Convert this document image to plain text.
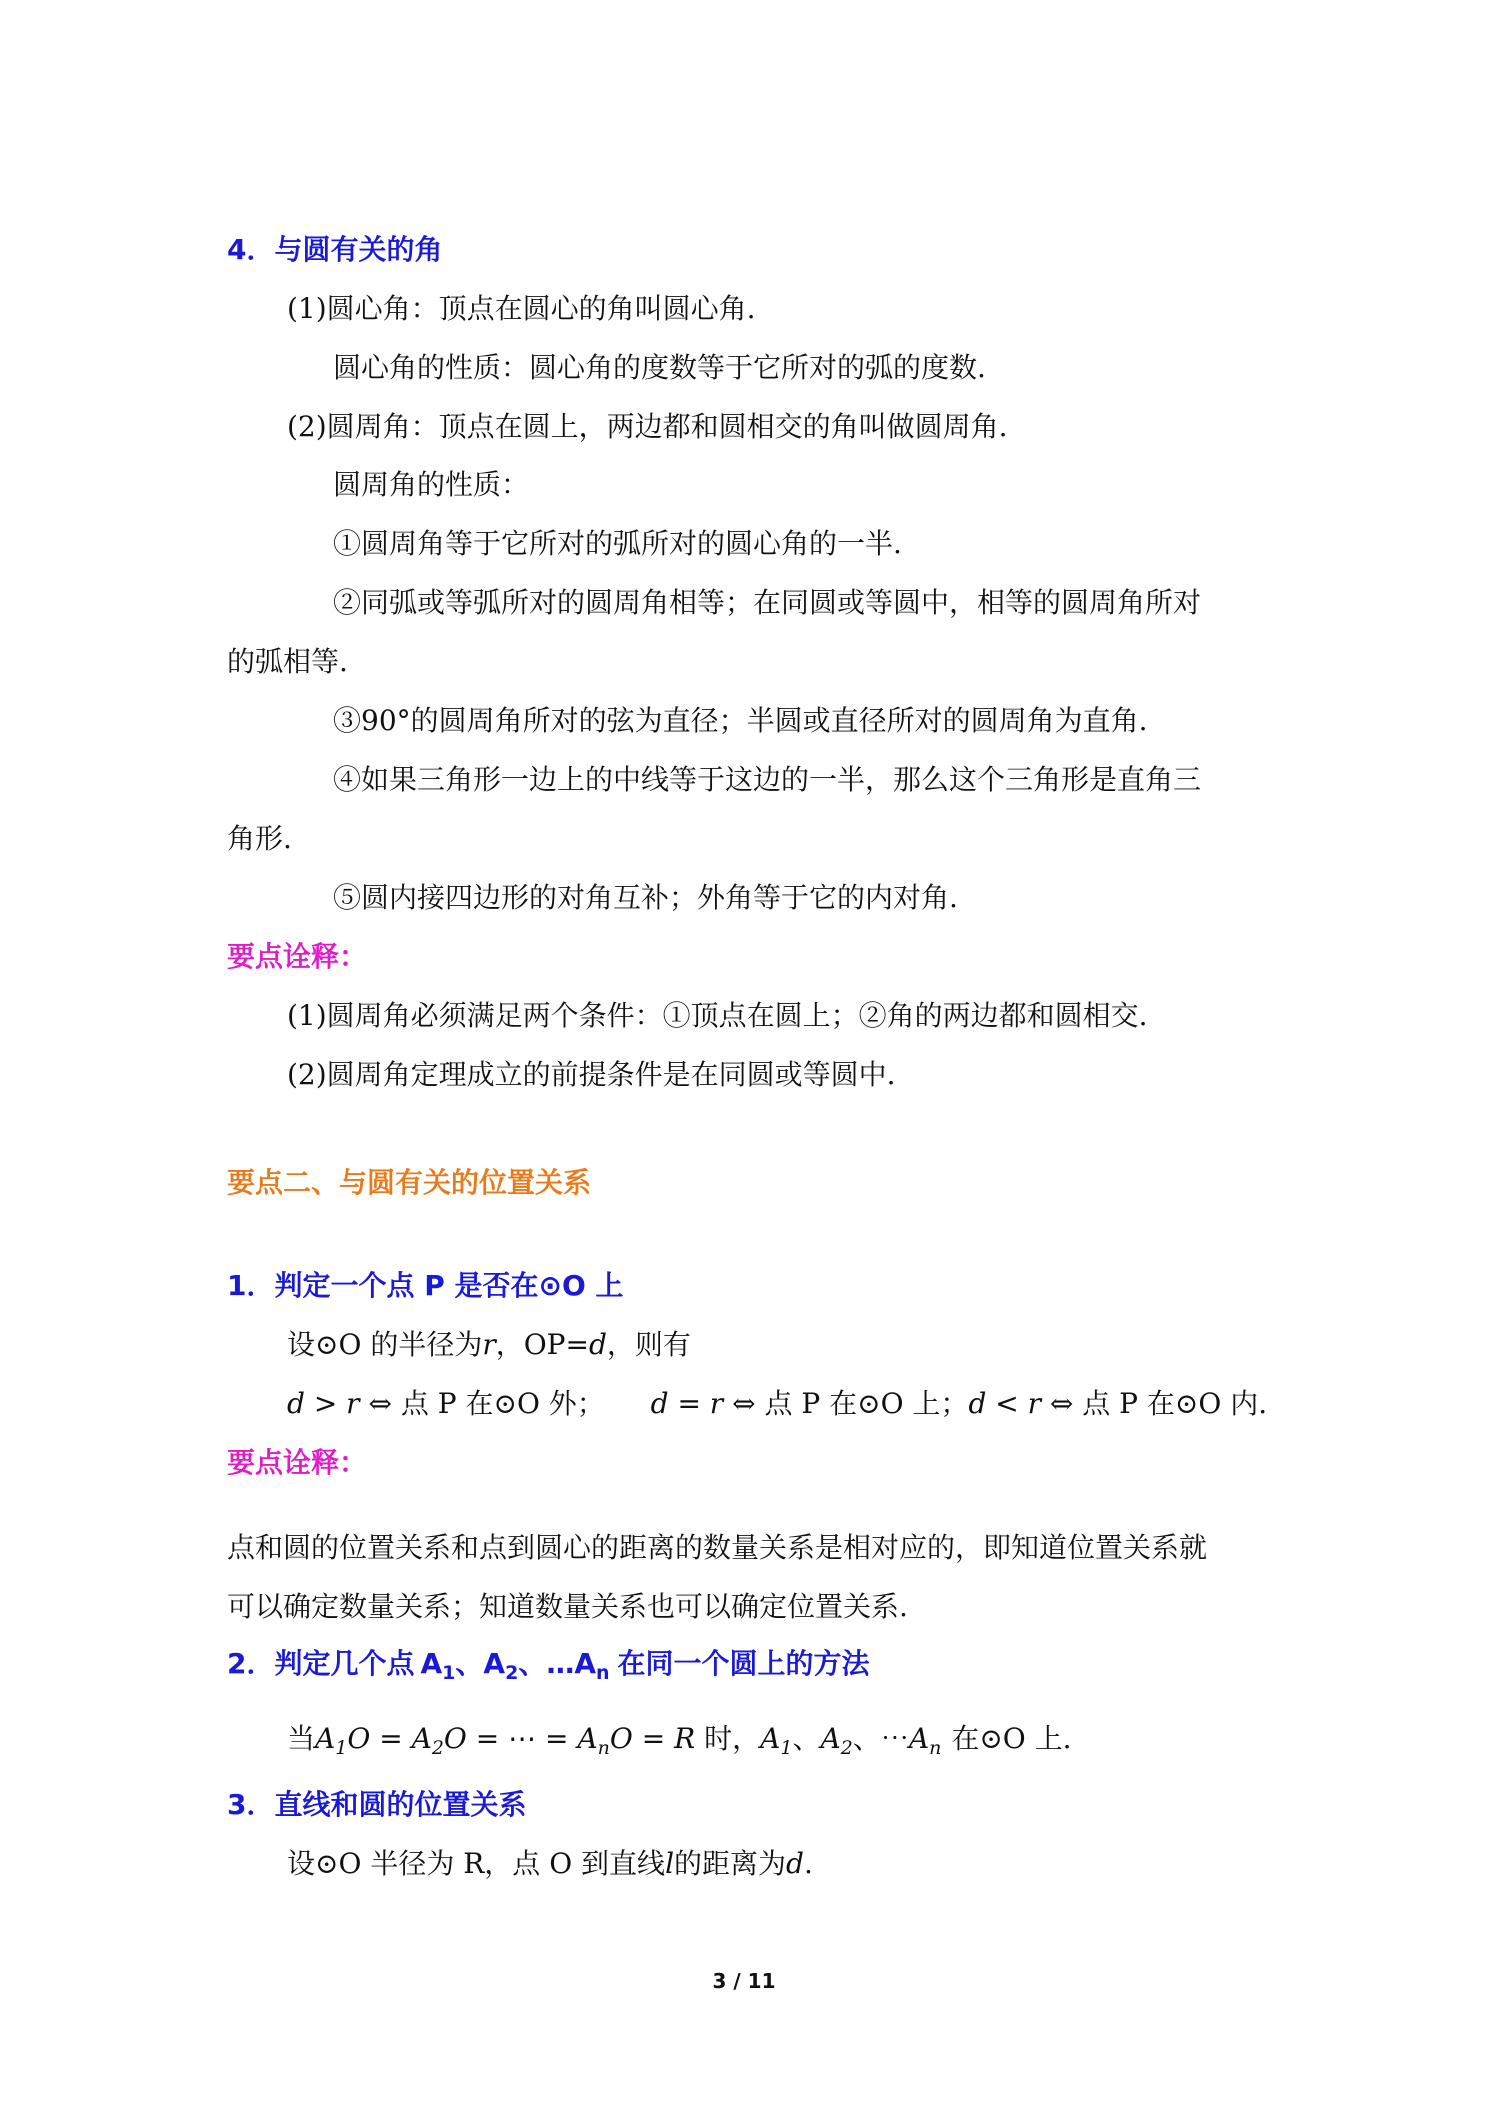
4．与圆有关的角
(1)圆心角：顶点在圆心的角叫圆心角.
圆心角的性质：圆心角的度数等于它所对的弧的度数.
(2)圆周角：顶点在圆上，两边都和圆相交的角叫做圆周角.
圆周角的性质：
①圆周角等于它所对的弧所对的圆心角的一半.
②同弧或等弧所对的圆周角相等；在同圆或等圆中，相等的圆周角所对
的弧相等.
③90°的圆周角所对的弦为直径；半圆或直径所对的圆周角为直角.
④如果三角形一边上的中线等于这边的一半，那么这个三角形是直角三
角形.
⑤圆内接四边形的对角互补；外角等于它的内对角.
要点诠释：
(1)圆周角必须满足两个条件：①顶点在圆上；②角的两边都和圆相交.
(2)圆周角定理成立的前提条件是在同圆或等圆中.
要点二、与圆有关的位置关系
1．判定一个点 P 是否在⊙O 上
设⊙O 的半径为r，OP=d，则有
d > r ⇔ 点 P 在⊙O 外； d = r ⇔ 点 P 在⊙O 上；d < r ⇔ 点 P 在⊙O 内.
要点诠释：
点和圆的位置关系和点到圆心的距离的数量关系是相对应的，即知道位置关系就
可以确定数量关系；知道数量关系也可以确定位置关系.
2．判定几个点 $A_1$、$A_2$、$\dots A_n$ 在同一个圆上的方法
当$A_1O = A_2O$ = ⋯ = $A_nO = R$ 时，$A_1$、$A_2$、$\cdots A_n$ 在⊙O 上.
3．直线和圆的位置关系
设⊙O 半径为 R，点 O 到直线l的距离为d.
3 / 11
